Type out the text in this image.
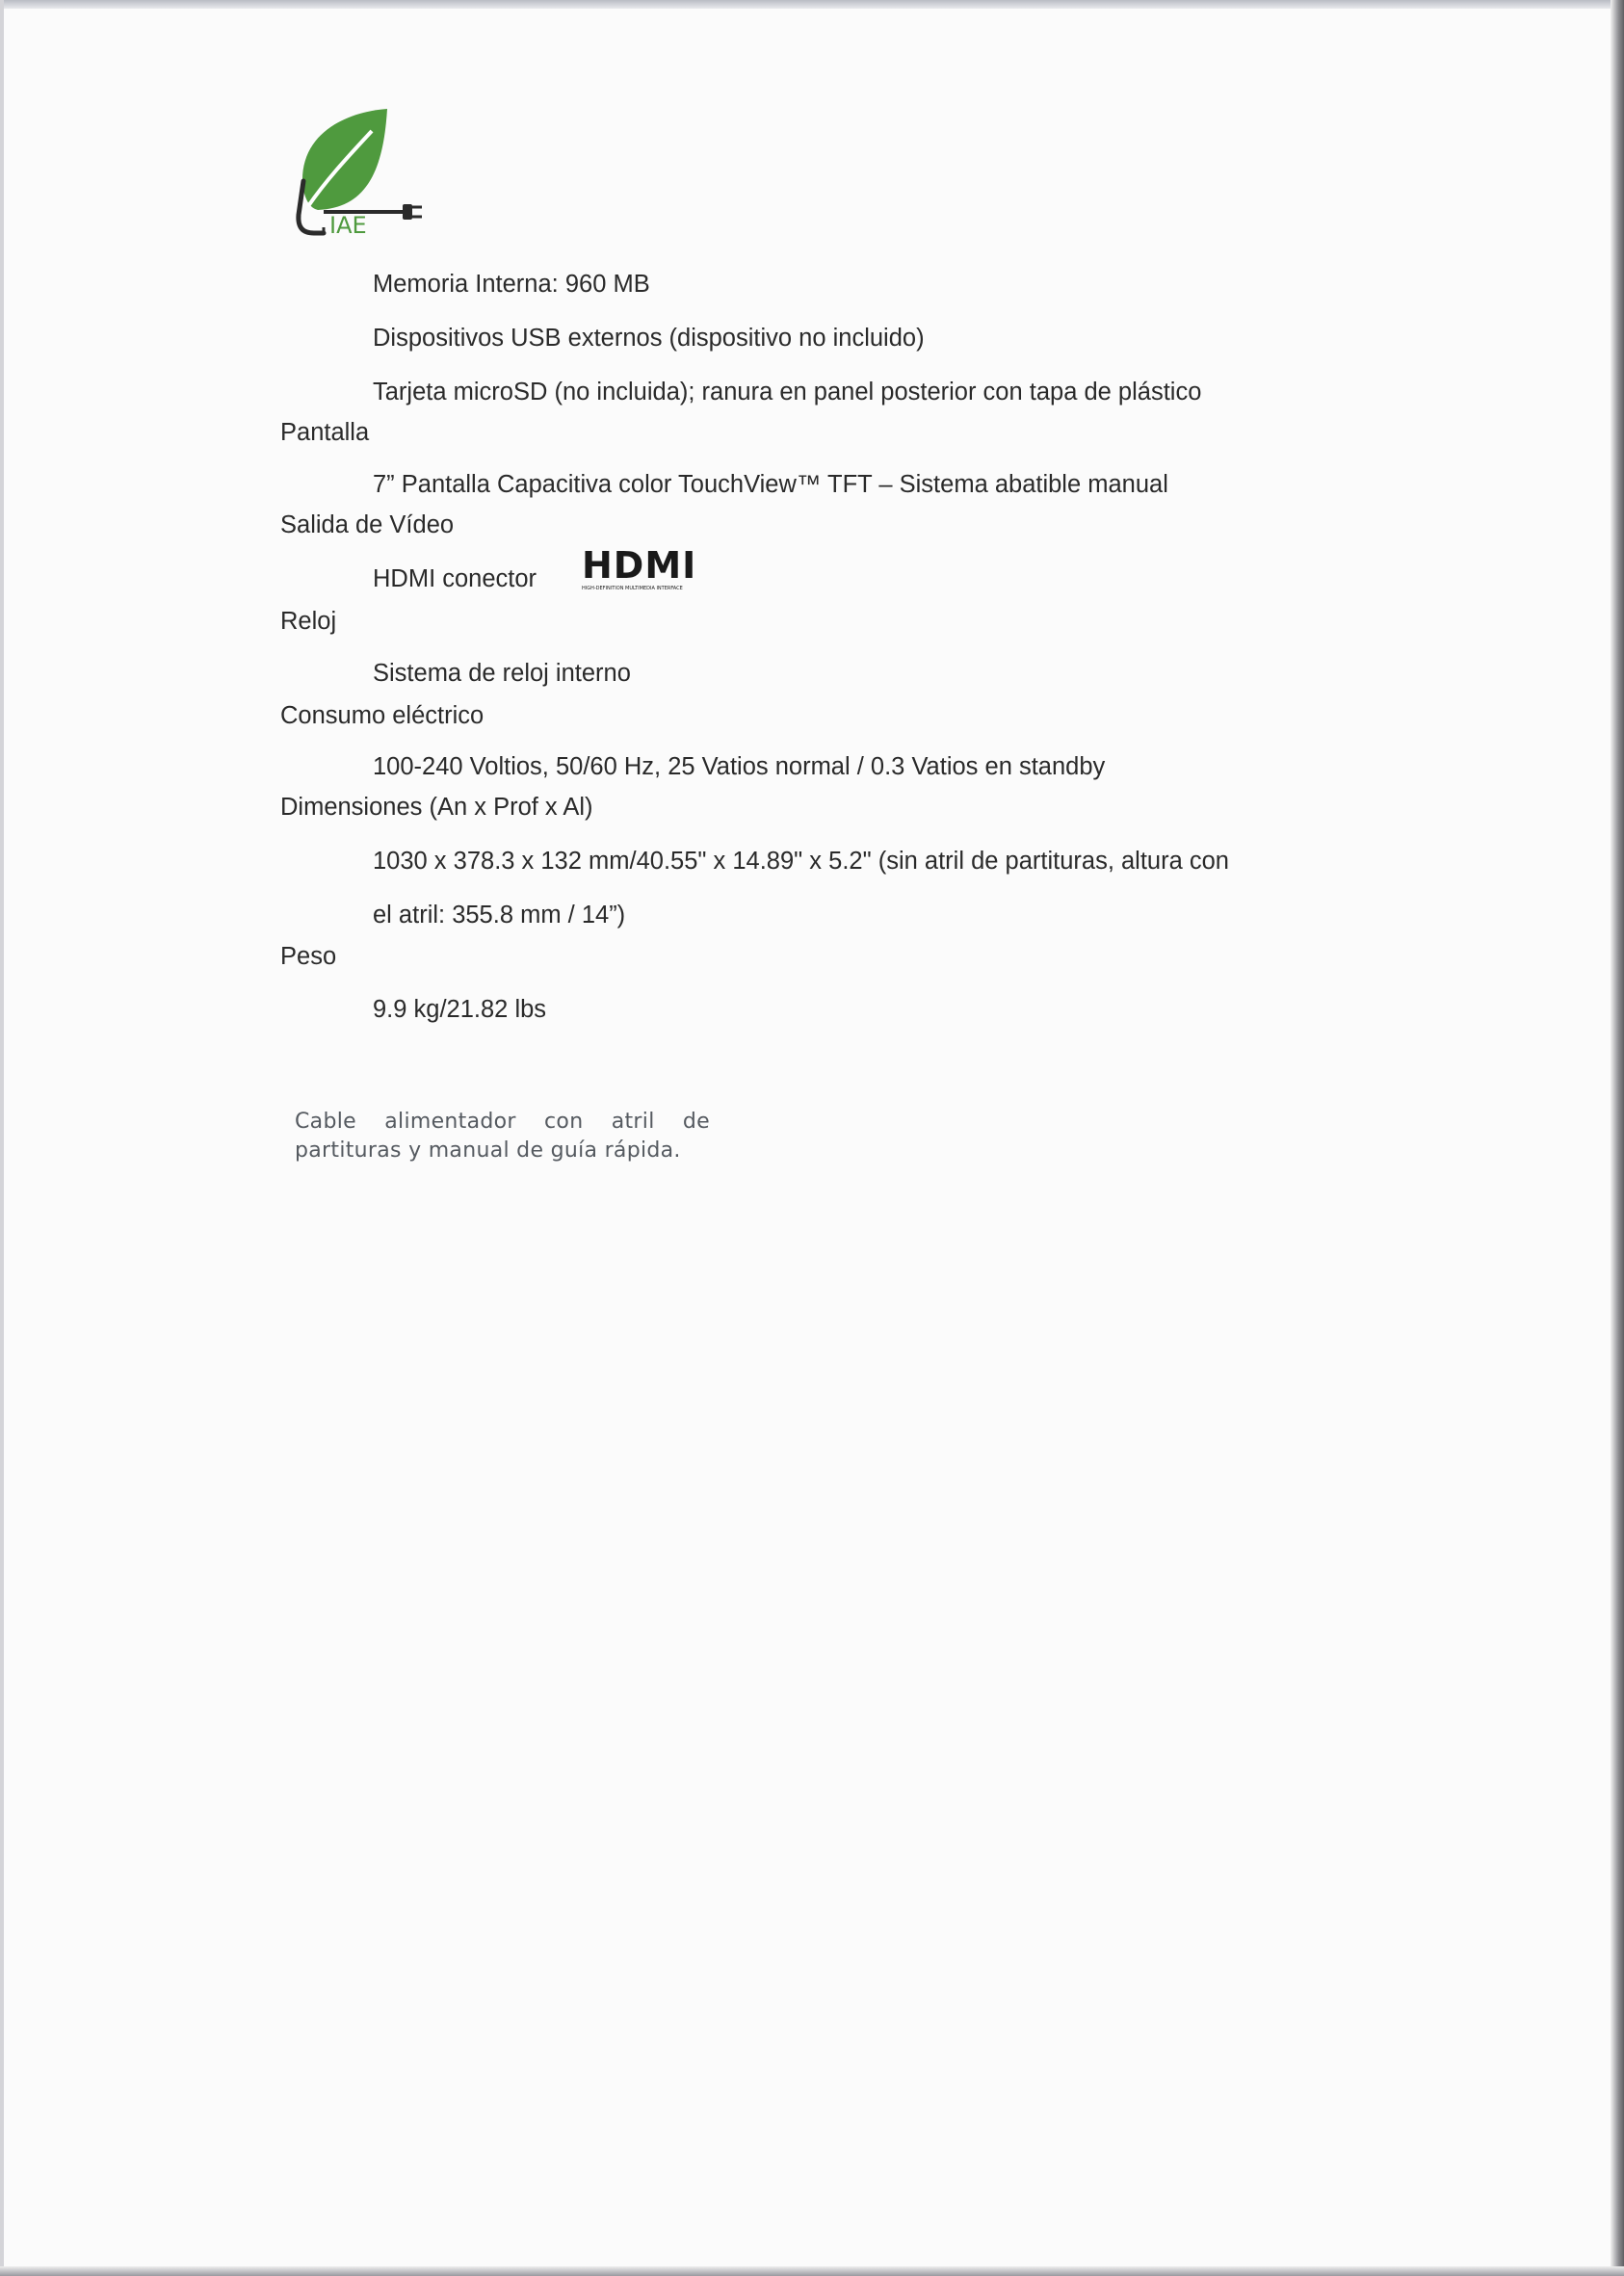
IAE
Memoria Interna: 960 MB
Dispositivos USB externos (dispositivo no incluido)
Tarjeta microSD (no incluida); ranura en panel posterior con tapa de plástico
Pantalla
7” Pantalla Capacitiva color TouchView™ TFT – Sistema abatible manual
Salida de Vídeo
HDMI conector HDMI
HIGH-DEFINITION MULTIMEDIA INTERFACE
Reloj
Sistema de reloj interno
Consumo eléctrico
100-240 Voltios, 50/60 Hz, 25 Vatios normal / 0.3 Vatios en standby
Dimensiones (An x Prof x Al)
1030 x 378.3 x 132 mm/40.55" x 14.89" x 5.2" (sin atril de partituras, altura con
el atril: 355.8 mm / 14”)
Peso
9.9 kg/21.82 lbs
Cable alimentador con atril de
partituras y manual de guía rápida.
